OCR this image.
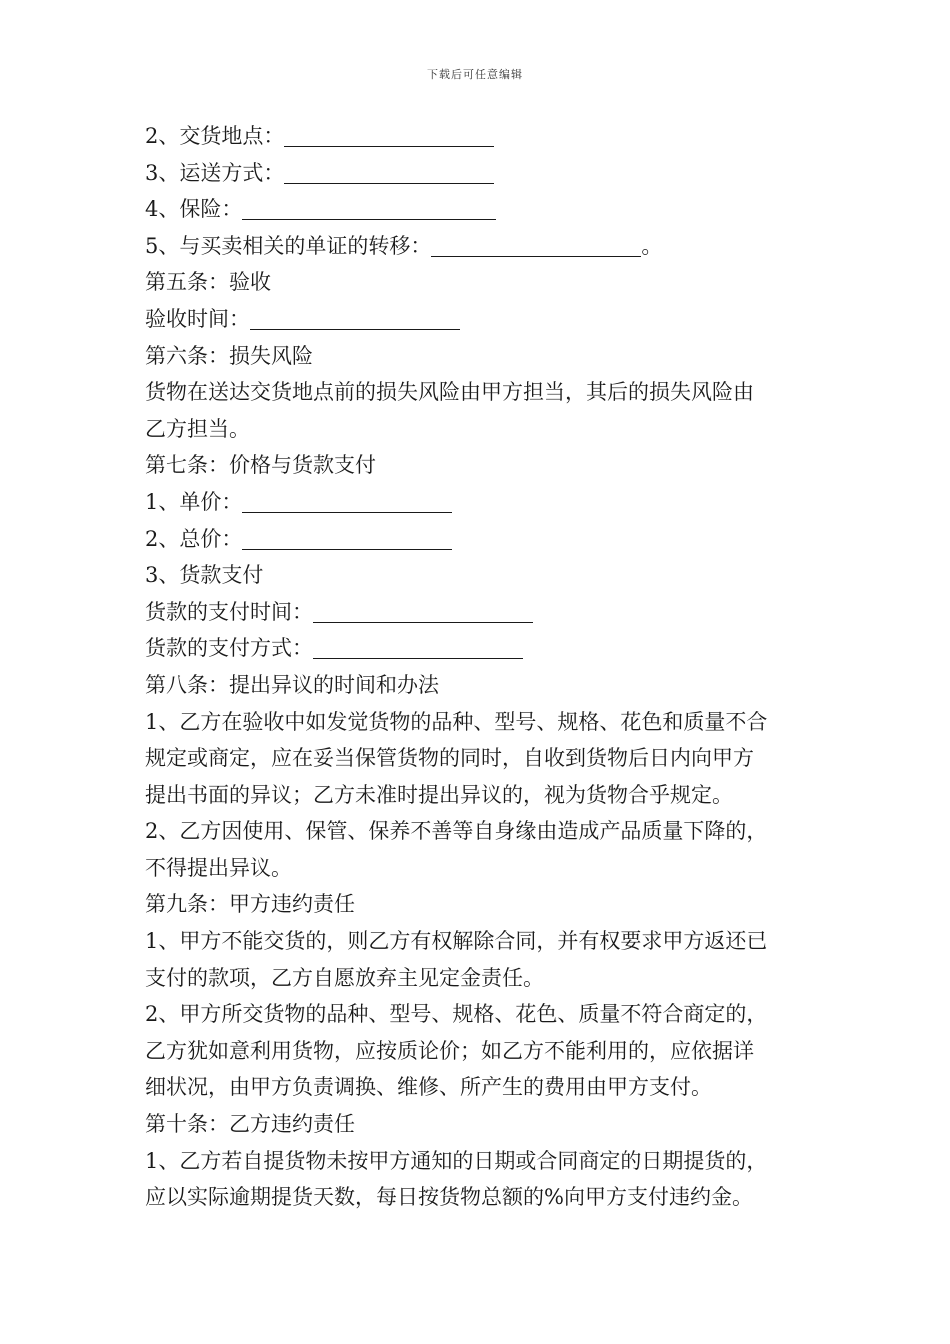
下载后可任意编辑
2、交货地点：
3、运送方式：
4、保险：
5、与买卖相关的单证的转移：	。
第五条：验收
验收时间：
第六条：损失风险
货物在送达交货地点前的损失风险由甲方担当，其后的损失风险由
乙方担当。
第七条：价格与货款支付
1、单价：
2、总价：
3、货款支付
货款的支付时间：
货款的支付方式：
第八条：提出异议的时间和办法
1、乙方在验收中如发觉货物的品种、型号、规格、花色和质量不合
规定或商定，应在妥当保管货物的同时，自收到货物后日内向甲方
提出书面的异议；乙方未准时提出异议的，视为货物合乎规定。
2、乙方因使用、保管、保养不善等自身缘由造成产品质量下降的，
不得提出异议。
第九条：甲方违约责任
1、甲方不能交货的，则乙方有权解除合同，并有权要求甲方返还已
支付的款项，乙方自愿放弃主见定金责任。
2、甲方所交货物的品种、型号、规格、花色、质量不符合商定的，
乙方犹如意利用货物，应按质论价；如乙方不能利用的，应依据详
细状况，由甲方负责调换、维修、所产生的费用由甲方支付。
第十条：乙方违约责任
1、乙方若自提货物未按甲方通知的日期或合同商定的日期提货的，
应以实际逾期提货天数，每日按货物总额的%向甲方支付违约金。
